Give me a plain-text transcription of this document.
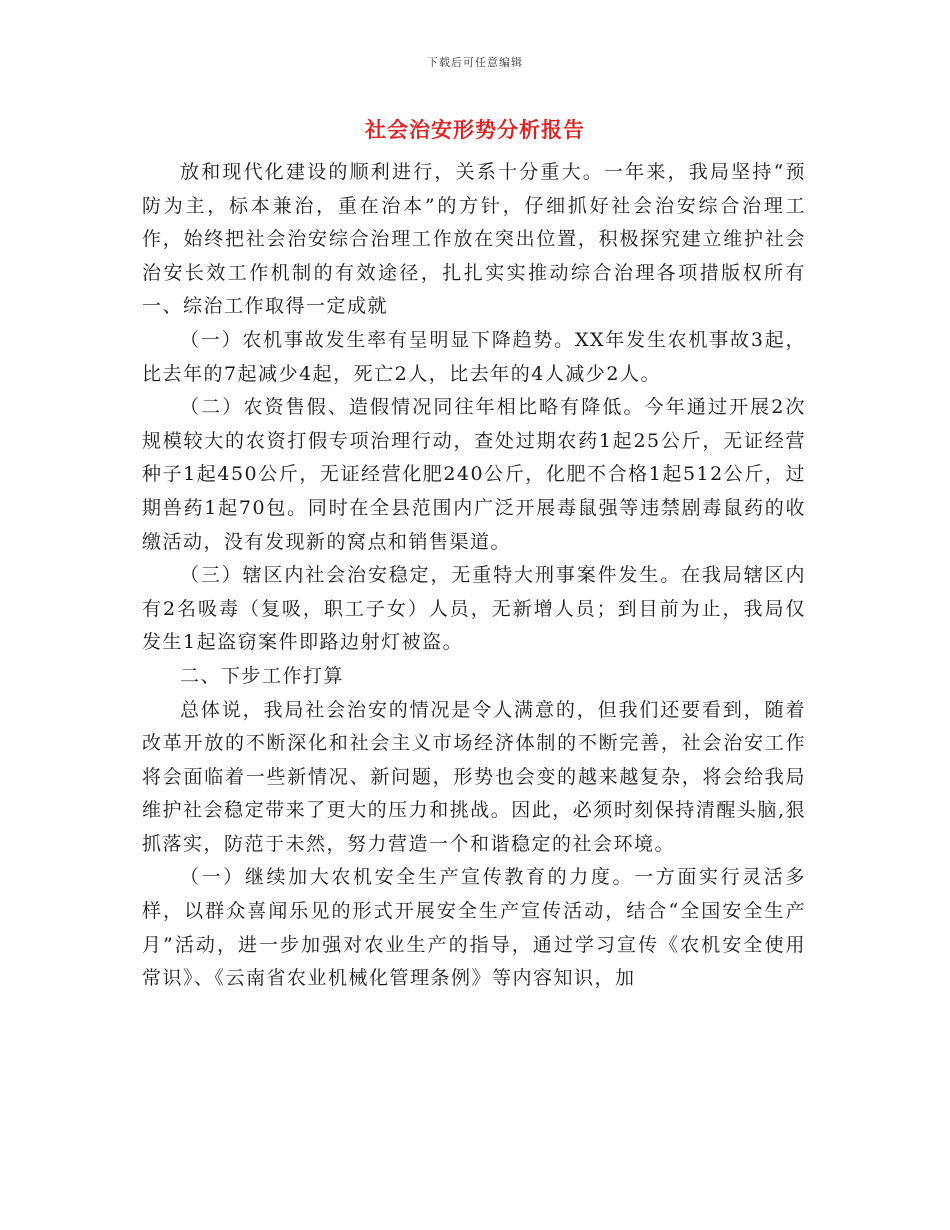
下载后可任意编辑
社会治安形势分析报告

放和现代化建设的顺利进行，关系十分重大。一年来，我局坚持“预防为主，标本兼治，重在治本”的方针，仔细抓好社会治安综合治理工作，始终把社会治安综合治理工作放在突出位置，积极探究建立维护社会治安长效工作机制的有效途径，扎扎实实推动综合治理各项措版权所有一、综治工作取得一定成就

（一）农机事故发生率有呈明显下降趋势。XX年发生农机事故3起，比去年的7起减少4起，死亡2人，比去年的4人减少2人。

（二）农资售假、造假情况同往年相比略有降低。今年通过开展2次规模较大的农资打假专项治理行动，查处过期农药1起25公斤，无证经营种子1起450公斤，无证经营化肥240公斤，化肥不合格1起512公斤，过期兽药1起70包。同时在全县范围内广泛开展毒鼠强等违禁剧毒鼠药的收缴活动，没有发现新的窝点和销售渠道。

（三）辖区内社会治安稳定，无重特大刑事案件发生。在我局辖区内有2名吸毒（复吸，职工子女）人员，无新增人员；到目前为止，我局仅发生1起盗窃案件即路边射灯被盗。

二、下步工作打算

总体说，我局社会治安的情况是令人满意的，但我们还要看到，随着改革开放的不断深化和社会主义市场经济体制的不断完善，社会治安工作将会面临着一些新情况、新问题，形势也会变的越来越复杂，将会给我局维护社会稳定带来了更大的压力和挑战。因此，必须时刻保持清醒头脑,狠抓落实，防范于未然，努力营造一个和谐稳定的社会环境。

（一）继续加大农机安全生产宣传教育的力度。一方面实行灵活多样，以群众喜闻乐见的形式开展安全生产宣传活动，结合“全国安全生产月”活动，进一步加强对农业生产的指导，通过学习宣传《农机安全使用常识》、《云南省农业机械化管理条例》等内容知识，加
